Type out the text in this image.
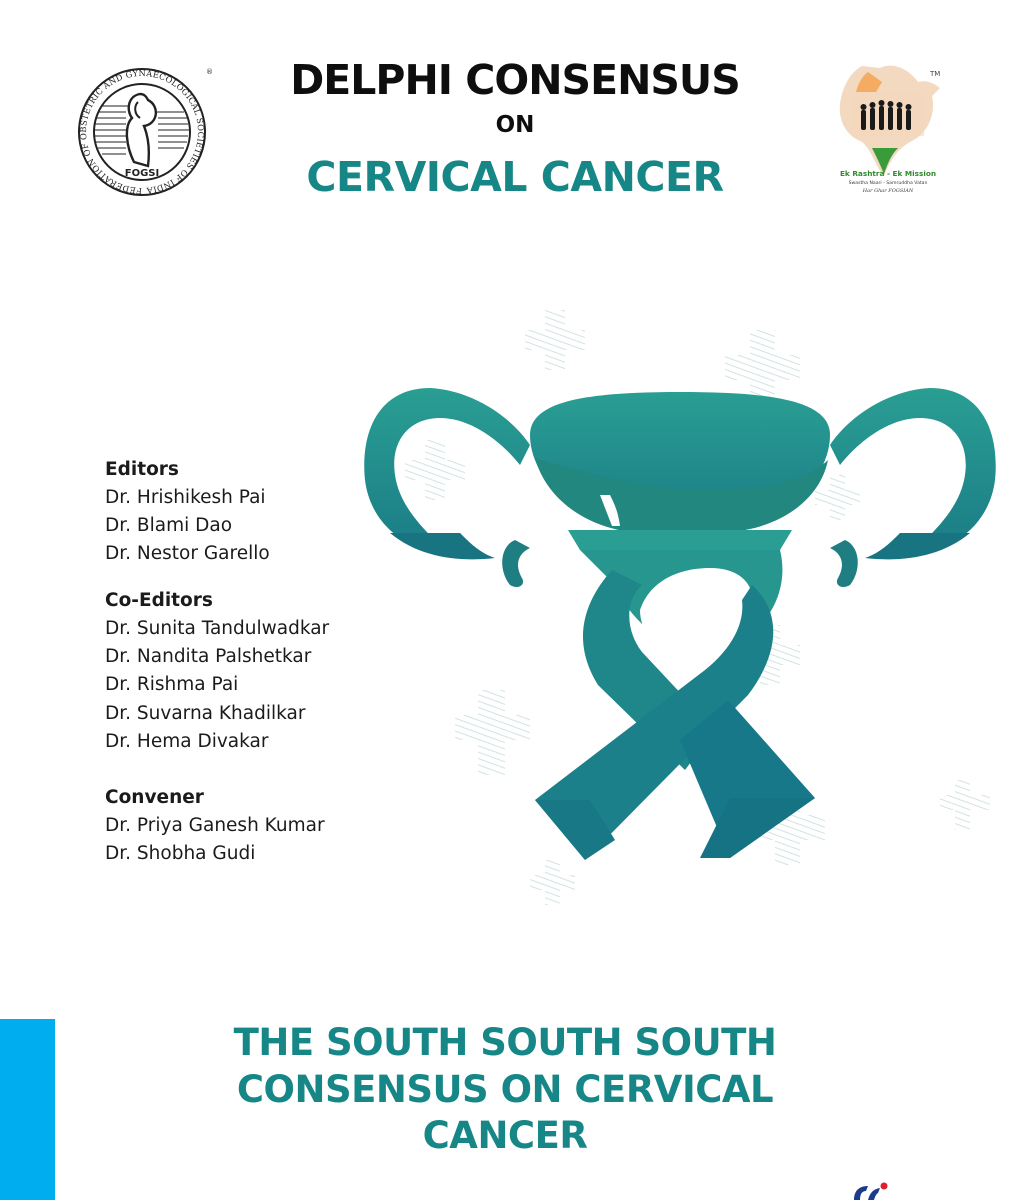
FEDERATION OF OBSTETRIC AND GYNAECOLOGICAL SOCIETIES OF INDIA
FOGSI
®	DELPHI CONSENSUS
ON
CERVICAL CANCER
TM
Ek Rashtra - Ek Mission
Swastha Naari - Samruddha Vatan
Har Ghar FOGSIAN
Editors
Dr. Hrishikesh Pai
Dr. Blami Dao
Dr. Nestor Garello
Co-Editors
Dr. Sunita Tandulwadkar
Dr. Nandita Palshetkar
Dr. Rishma Pai
Dr. Suvarna Khadilkar
Dr. Hema Divakar
Convener
Dr. Priya Ganesh Kumar
Dr. Shobha Gudi
THE SOUTH SOUTH SOUTH
CONSENSUS ON CERVICAL
CANCER
